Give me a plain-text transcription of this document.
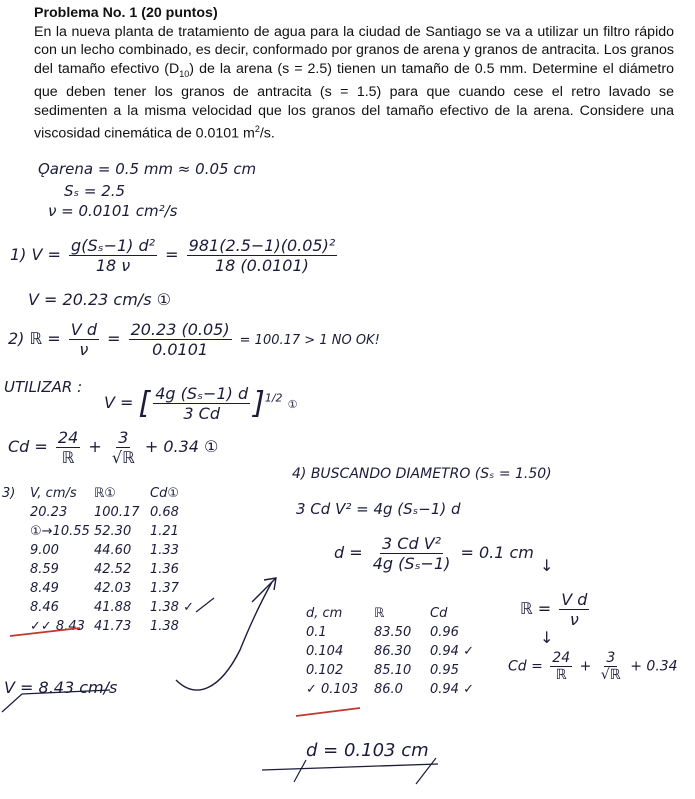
Problema No. 1 (20 puntos)

En la nueva planta de tratamiento de agua para la ciudad de Santiago se va a utilizar un filtro rápido con un lecho combinado, es decir, conformado por granos de arena y granos de antracita. Los granos del tamaño efectivo $(D_{10})$ de la arena (s = 2.5) tienen un tamaño de 0.5 mm. Determine el diámetro que deben tener los granos de antracita (s = 1.5) para que cuando cese el retro lavado se sedimenten a la misma velocidad que los granos del tamaño efectivo de la arena. Considere una viscosidad cinemática de 0.0101 $m^2/s$.

Ǫarena = 0.5 mm ≈ 0.05 cm
Sₛ = 2.5
ν = 0.0101 cm²/s
1) $V = \frac{\text{g(Sₛ−1) d²}}{18 \nu} = \frac{\text{981(2.5−1)(0.05)²}}{18 (0.0101)}$
V = 20.23 cm/s ①
2) ℝ = $\frac{\text{V d}}{\nu} = \frac{20.23 (0.05)}{0.0101} = 100.17 > 1$ NO OK!
UTILIZAR :
V = [ $\frac{\text{4g (Sₛ−1) d}}{3 Cd} ]^{1/2}$ ①
$Cd = \frac{24}{\text{ℝ}} + \frac{3}{\text{√ℝ}} + 0.34$ ①
3)	V, cm/s	ℝ①	Cd①
20.23	100.17 0.68
①→10.55 52.30	1.21
9.00	44.60	1.33
8.59	42.52	1.36
8.49	42.03	1.37
8.46	41.88	1.38 ✓
✓✓ 8.43 41.73	1.38
V = 8.43 cm/s
4) BUSCANDO DIAMETRO (Sₛ = 1.50)
3 Cd V² = 4g (Sₛ−1) d
$d = \frac{\text{3 Cd V²}}{\text{4g (Sₛ−1)}} = 0.1$ cm
↓
ℝ = $\frac{\text{V d}}{\nu}$
↓
$Cd = \frac{24}{\text{ℝ}} + \frac{3}{\text{√ℝ}} + 0.34$
d, cm	ℝ	Cd
0.1	83.50	0.96
0.104	86.30	0.94 ✓
0.102	85.10	0.95
✓ 0.103	86.0	0.94 ✓
d = 0.103 cm
